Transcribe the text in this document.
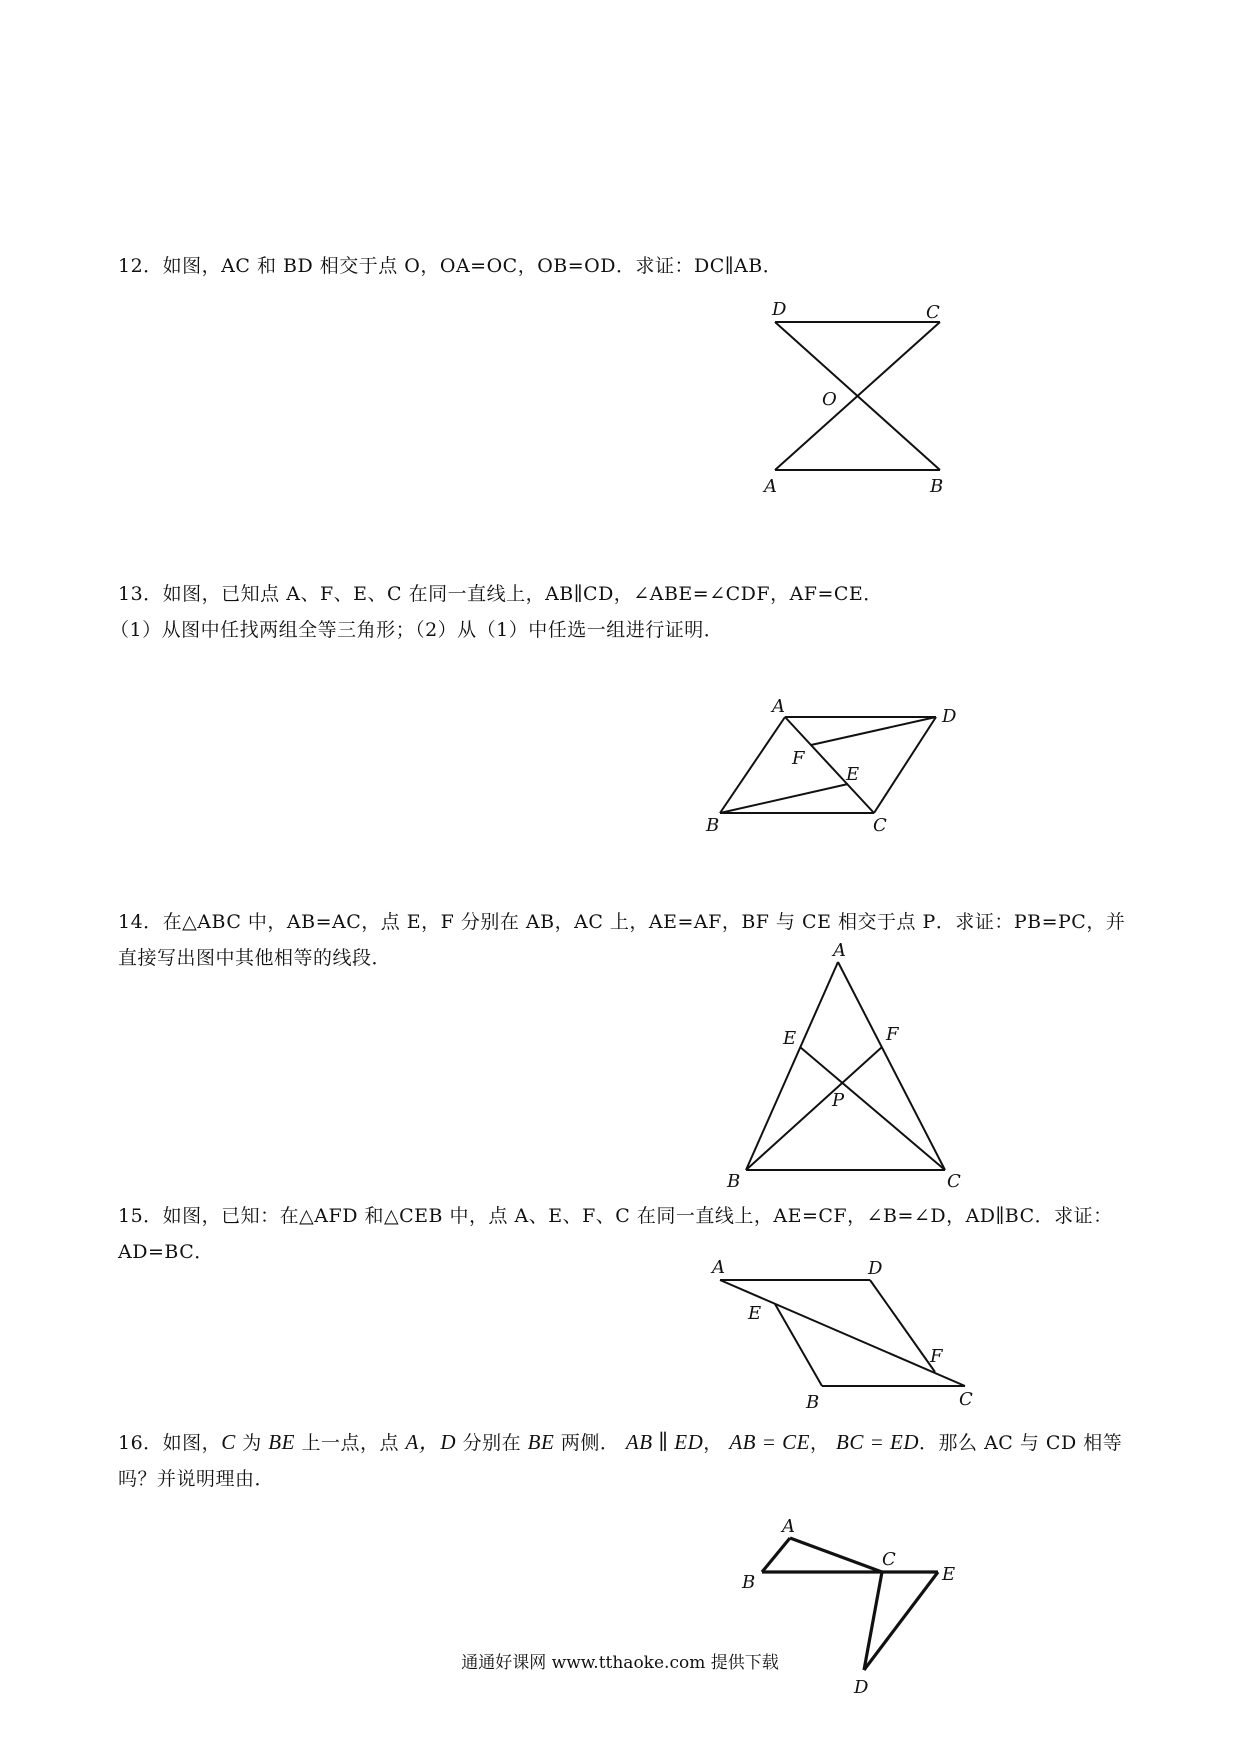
12．如图，AC 和 BD 相交于点 O，OA=OC，OB=OD．求证：DC∥AB．

D	C
O
A	B

13．如图，已知点 A、F、E、C 在同一直线上，AB∥CD，∠ABE=∠CDF，AF=CE．
（1）从图中任找两组全等三角形；（2）从（1）中任选一组进行证明．

A	D
F
E
B	C

14．在△ABC 中，AB=AC，点 E，F 分别在 AB，AC 上，AE=AF，BF 与 CE 相交于点 P．求证：PB=PC，并直接写出图中其他相等的线段．	A
E	F
P
B	C

15．如图，已知：在△AFD 和△CEB 中，点 A、E、F、C 在同一直线上，AE=CF，∠B=∠D，AD∥BC．求证：AD=BC．

A	D
E
F
B	C

16．如图，C 为 BE 上一点，点 A，D 分别在 BE 两侧． AB ∥ ED， AB = CE， BC = ED．那么 AC 与 CD 相等吗？并说明理由．

A
B
C
E
D
通通好课网 www.tthaoke.com 提供下载
